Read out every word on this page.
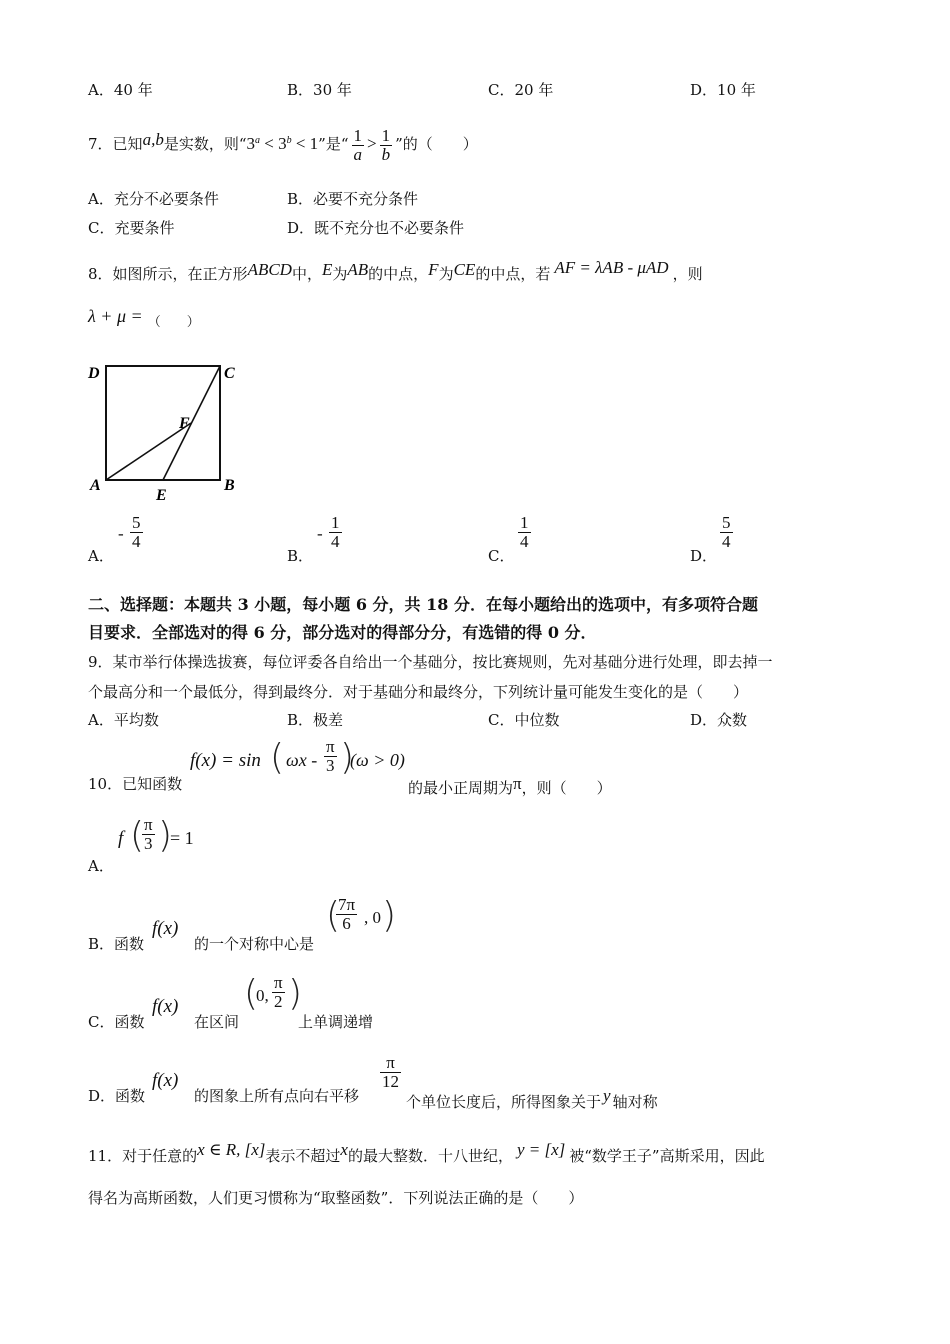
A．40 年	B．30 年	C．20 年	D．10 年
7．已知a,b是实数，则“$3^a < 3^b < 1$”是“ $\frac{1}{a} > \frac{1}{b}$ ”的（　　）
A．充分不必要条件	B．必要不充分条件
C．充要条件	D．既不充分也不必要条件
8．如图所示，在正方形ABCD中，E为AB的中点，F为CE的中点，若 AF = λAB - μAD ，则
λ + μ = $_{( )}$
D	C
A	B
E
F
A．
- $\frac{5}{4}$
B．
- $\frac{1}{4}$
C．
$\frac{1}{4}$
D．
$\frac{5}{4}$
二、选择题：本题共 3 小题，每小题 6 分，共 18 分．在每小题给出的选项中，有多项符合题
目要求．全部选对的得 6 分，部分选对的得部分分，有选错的得 0 分．
9．某市举行体操选拔赛，每位评委各自给出一个基础分，按比赛规则，先对基础分进行处理，即去掉一
个最高分和一个最低分，得到最终分．对于基础分和最终分，下列统计量可能发生变化的是（　　）
A．平均数	B．极差	C．中位数	D．众数
10．已知函数
f(x) = sin ( ωx - $\frac{\pi}{3}$ )
(ω > 0)
的最小正周期为π，则（　　）
A．
f (
$\frac{\pi}{3}$ )
= 1
B．函数
f(x)
的一个对称中心是
(
$\frac{7\pi}{6}$ , 0 )
C．函数
f(x)
在区间
(
0, $\frac{\pi}{2}$ )
上单调递增
D．函数
f(x)
的图象上所有点向右平移
$\frac{\pi}{12}$
个单位长度后，所得图象关于 y 轴对称
11．对于任意的x ∈ R, [x]表示不超过x的最大整数．十八世纪， y = [x] 被“数学王子”高斯采用，因此
得名为高斯函数，人们更习惯称为“取整函数”．下列说法正确的是（　　）
